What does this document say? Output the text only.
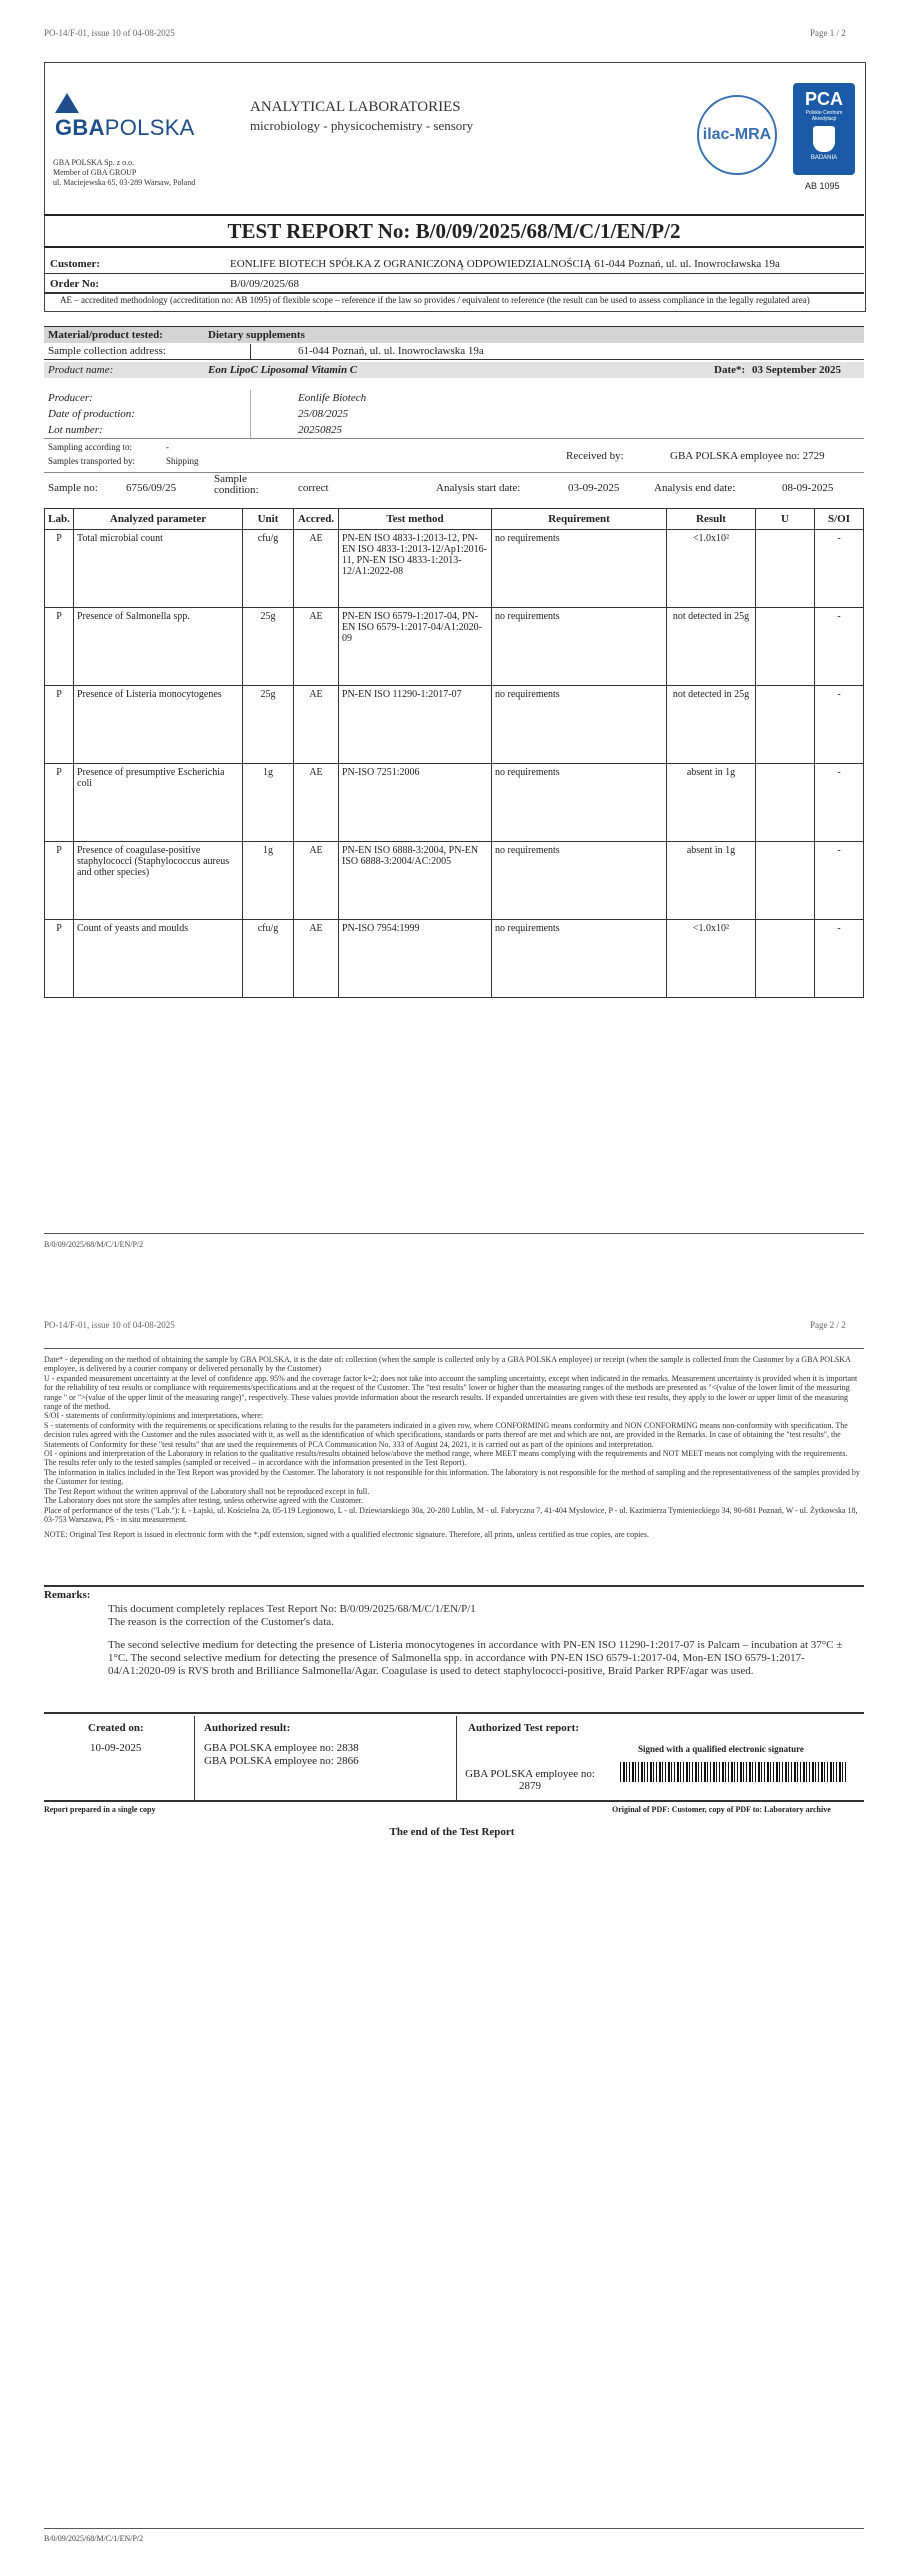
PO-14/F-01, issue 10 of 04-08-2025	Page 1 / 2
GBAPOLSKA
GBA POLSKA Sp. z o.o.
Member of GBA GROUP
ul. Maciejewska 65, 03-289 Warsaw, Poland
ANALYTICAL LABORATORIES
microbiology - physicochemistry - sensory
ilac-MRA
PCA
Polskie Centrum Akredytacji
BADANIA
AB 1095
TEST REPORT No: B/0/09/2025/68/M/C/1/EN/P/2
Customer:	EONLIFE BIOTECH SPÓŁKA Z OGRANICZONĄ ODPOWIEDZIALNOŚCIĄ 61-044 Poznań, ul. ul. Inowrocławska 19a
Order No:	B/0/09/2025/68
AE – accredited methodology (accreditation no: AB 1095) of flexible scope – reference if the law so provides / equivalent to reference (the result can be used to assess compliance in the legally regulated area)
Material/product tested:	Dietary supplements
Sample collection address:	61-044 Poznań, ul. ul. Inowrocławska 19a
Product name:	Eon LipoC Liposomal Vitamin C	Date*: 03 September 2025
Producer:	Eonlife Biotech
Date of production:	25/08/2025
Lot number:	20250825
Sampling according to:	-
Samples transported by:	Shipping	Received by:	GBA POLSKA employee no: 2729
Sample no:	6756/09/25
Sample condition:	correct	Analysis start date:	03-09-2025	Analysis end date:	08-09-2025
Lab.	Analyzed parameter	Unit	Accred.	Test method	Requirement	Result	U	S/OI
P	Total microbial count	cfu/g	AE	PN-EN ISO 4833-1:2013-12, PN-EN ISO 4833-1:2013-12/Ap1:2016-11, PN-EN ISO 4833-1:2013-12/A1:2022-08	no requirements	<1.0x10²		-
P	Presence of Salmonella spp.	25g	AE	PN-EN ISO 6579-1:2017-04, PN-EN ISO 6579-1:2017-04/A1:2020-09	no requirements	not detected in 25g		-
P	Presence of Listeria monocytogenes	25g	AE	PN-EN ISO 11290-1:2017-07	no requirements	not detected in 25g		-
P	Presence of presumptive Escherichia coli	1g	AE	PN-ISO 7251:2006	no requirements	absent in 1g		-
P	Presence of coagulase-positive staphylococci (Staphylococcus aureus and other species)	1g	AE	PN-EN ISO 6888-3:2004, PN-EN ISO 6888-3:2004/AC:2005	no requirements	absent in 1g		-
P	Count of yeasts and moulds	cfu/g	AE	PN-ISO 7954:1999	no requirements	<1.0x10²		-
B/0/09/2025/68/M/C/1/EN/P/2
PO-14/F-01, issue 10 of 04-08-2025	Page 2 / 2
Date* - depending on the method of obtaining the sample by GBA POLSKA, it is the date of: collection (when the sample is collected only by a GBA POLSKA employee) or receipt (when the sample is collected from the Customer by a GBA POLSKA employee, is delivered by a courier company or delivered personally by the Customer)
U - expanded measurement uncertainty at the level of confidence app. 95% and the coverage factor k=2; does not take into account the sampling uncertainty, except when indicated in the remarks. Measurement uncertainty is provided when it is important for the reliability of test results or compliance with requirements/specifications and at the request of the Customer. The "test results" lower or higher than the measuring ranges of the methods are presented as "<(value of the lower limit of the measuring range " or ">(value of the upper limit of the measuring range)", respectively. These values provide information about the research results. If expanded uncertainties are given with these test results, they apply to the lower or upper limit of the measuring range of the method.
S/OI - statements of conformity/opinions and interpretations, where:
S - statements of conformity with the requirements or specifications relating to the results for the parameters indicated in a given row, where CONFORMING means conformity and NON CONFORMING means non-conformity with specification. The decision rules agreed with the Customer and the rules associated with it, as well as the identification of which specifications, standards or parts thereof are met and which are not, are provided in the Remarks. In case of obtaining the "test results", the Statements of Conformity for these "test results" that are used the requirements of PCA Communication No. 333 of August 24, 2021, it is carried out as part of the opinions and interpretation.
OI - opinions and interpretation of the Laboratory in relation to the qualitative results/results obtained below/above the method range, where MEET means complying with the requirements and NOT MEET means not complying with the requirements.
The results refer only to the tested samples (sampled or received – in accordance with the information presented in the Test Report).
The information in italics included in the Test Report was provided by the Customer. The laboratory is not responsible for this information. The laboratory is not responsible for the method of sampling and the representativeness of the samples provided by the Customer for testing.
The Test Report without the written approval of the Laboratory shall not be reproduced except in full.
The Laboratory does not store the samples after testing, unless otherwise agreed with the Customer.
Place of performance of the tests ("Lab."): Ł - Łajski, ul. Kościelna 2a, 05-119 Legionowo, L - ul. Dziewiarskiego 30a, 20-280 Lublin, M - ul. Fabryczna 7, 41-404 Mysłowice, P - ul. Kazimierza Tymienieckiego 34, 90-681 Poznań, W - ul. Żytkowska 18, 03-753 Warszawa, PS - in situ measurement.
NOTE: Original Test Report is issued in electronic form with the *.pdf extension, signed with a qualified electronic signature. Therefore, all prints, unless certified as true copies, are copies.
Remarks:
This document completely replaces Test Report No: B/0/09/2025/68/M/C/1/EN/P/1
The reason is the correction of the Customer's data.
The second selective medium for detecting the presence of Listeria monocytogenes in accordance with PN-EN ISO 11290-1:2017-07 is Palcam – incubation at 37°C ± 1°C. The second selective medium for detecting the presence of Salmonella spp. in accordance with PN-EN ISO 6579-1:2017-04, Mon-EN ISO 6579-1:2017-04/A1:2020-09 is RVS broth and Brilliance Salmonella/Agar. Coagulase is used to detect staphylococci-positive, Braid Parker RPF/agar was used.
Created on:
10-09-2025
Authorized result:
GBA POLSKA employee no: 2838
GBA POLSKA employee no: 2866
Authorized Test report:
GBA POLSKA employee no: 2879
Signed with a qualified electronic signature
Report prepared in a single copy	Original of PDF: Customer, copy of PDF to: Laboratory archive
The end of the Test Report
B/0/09/2025/68/M/C/1/EN/P/2
